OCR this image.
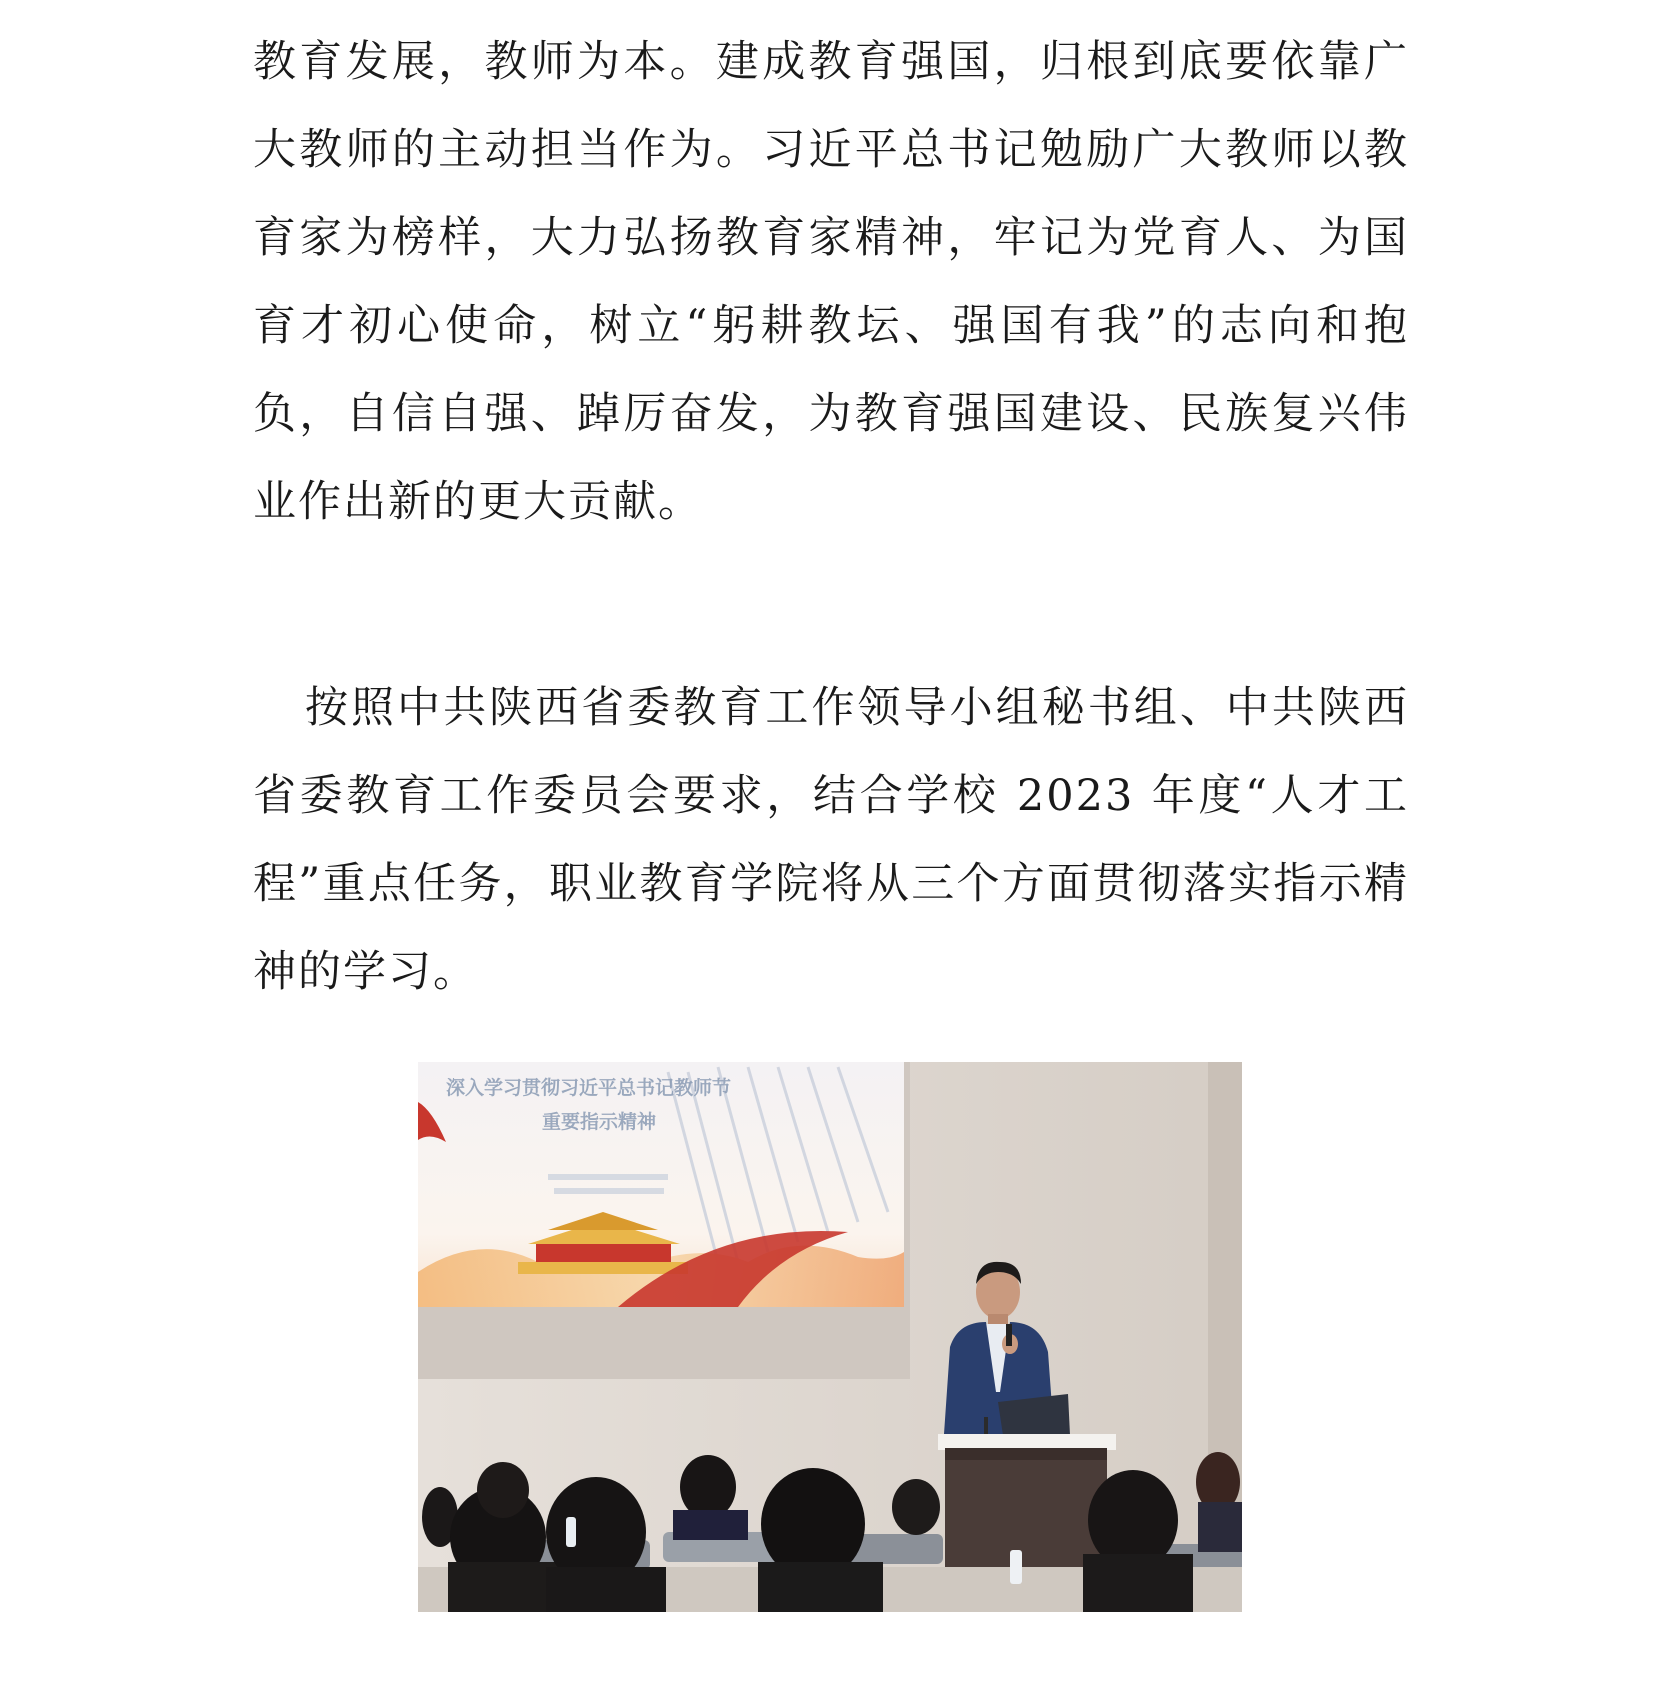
教育发展，教师为本。建成教育强国，归根到底要依靠广大教师的主动担当作为。习近平总书记勉励广大教师以教育家为榜样，大力弘扬教育家精神，牢记为党育人、为国育才初心使命，树立“躬耕教坛、强国有我”的志向和抱负，自信自强、踔厉奋发，为教育强国建设、民族复兴伟业作出新的更大贡献。

按照中共陕西省委教育工作领导小组秘书组、中共陕西省委教育工作委员会要求，结合学校 2023 年度“人才工程”重点任务，职业教育学院将从三个方面贯彻落实指示精神的学习。

深入学习贯彻习近平总书记教师节
重要指示精神
